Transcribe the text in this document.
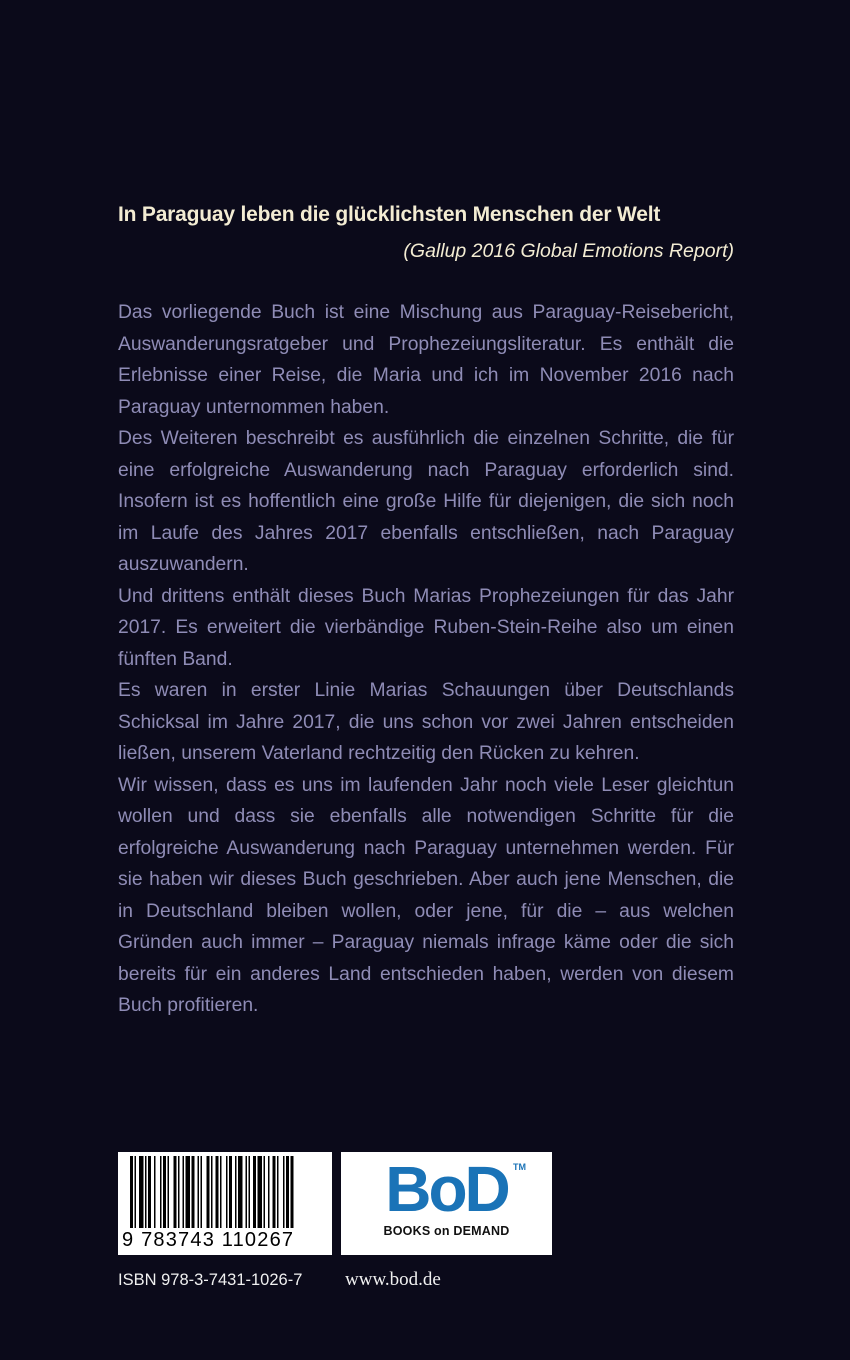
In Paraguay leben die glücklichsten Menschen der Welt
(Gallup 2016 Global Emotions Report)

Das vorliegende Buch ist eine Mischung aus Paraguay-Reisebericht, Auswanderungsratgeber und Prophezeiungsliteratur. Es enthält die Erlebnisse einer Reise, die Maria und ich im November 2016 nach Paraguay unternommen haben.

Des Weiteren beschreibt es ausführlich die einzelnen Schritte, die für eine erfolgreiche Auswanderung nach Paraguay erforderlich sind. Insofern ist es hoffentlich eine große Hilfe für diejenigen, die sich noch im Laufe des Jahres 2017 ebenfalls entschließen, nach Paraguay auszuwandern.

Und drittens enthält dieses Buch Marias Prophezeiungen für das Jahr 2017. Es erweitert die vierbändige Ruben-Stein-Reihe also um einen fünften Band.

Es waren in erster Linie Marias Schauungen über Deutschlands Schicksal im Jahre 2017, die uns schon vor zwei Jahren entscheiden ließen, unserem Vaterland rechtzeitig den Rücken zu kehren.

Wir wissen, dass es uns im laufenden Jahr noch viele Leser gleichtun wollen und dass sie ebenfalls alle notwendigen Schritte für die erfolgreiche Auswanderung nach Paraguay unternehmen werden. Für sie haben wir dieses Buch geschrieben. Aber auch jene Menschen, die in Deutschland bleiben wollen, oder jene, für die – aus welchen Gründen auch immer – Paraguay niemals infrage käme oder die sich bereits für ein anderes Land entschieden haben, werden von diesem Buch profitieren.

9 783743 110267
BoD TM
BOOKS on DEMAND
ISBN 978-3-7431-1026-7 www.bod.de
